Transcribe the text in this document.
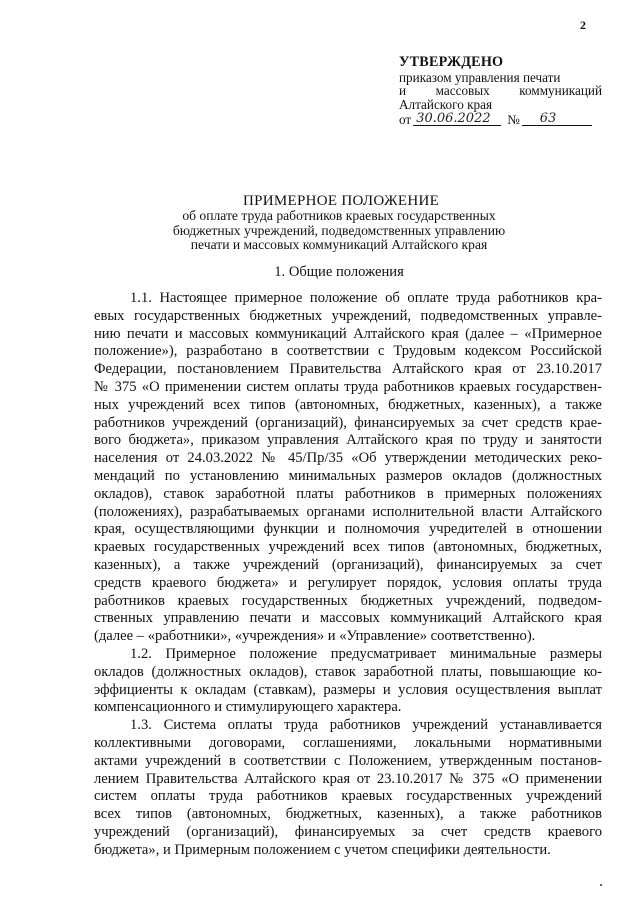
2
УТВЕРЖДЕНО
приказом управления печати
и массовых коммуникаций
Алтайского края
от 30.06.2022 № 63
ПРИМЕРНОЕ ПОЛОЖЕНИЕ
об оплате труда работников краевых государственных
бюджетных учреждений, подведомственных управлению
печати и массовых коммуникаций Алтайского края
1. Общие положения
1.1. Настоящее примерное положение об оплате труда работников кра-
евых государственных бюджетных учреждений, подведомственных управле-
нию печати и массовых коммуникаций Алтайского края (далее – «Примерное
положение»), разработано в соответствии с Трудовым кодексом Российской
Федерации, постановлением Правительства Алтайского края от 23.10.2017
№ 375 «О применении систем оплаты труда работников краевых государствен-
ных учреждений всех типов (автономных, бюджетных, казенных), а также
работников учреждений (организаций), финансируемых за счет средств крае-
вого бюджета», приказом управления Алтайского края по труду и занятости
населения от 24.03.2022 № 45/Пр/35 «Об утверждении методических реко-
мендаций по установлению минимальных размеров окладов (должностных
окладов), ставок заработной платы работников в примерных положениях
(положениях), разрабатываемых органами исполнительной власти Алтайского
края, осуществляющими функции и полномочия учредителей в отношении
краевых государственных учреждений всех типов (автономных, бюджетных,
казенных), а также учреждений (организаций), финансируемых за счет
средств краевого бюджета» и регулирует порядок, условия оплаты труда
работников краевых государственных бюджетных учреждений, подведом-
ственных управлению печати и массовых коммуникаций Алтайского края
(далее – «работники», «учреждения» и «Управление» соответственно).
1.2. Примерное положение предусматривает минимальные размеры
окладов (должностных окладов), ставок заработной платы, повышающие ко-
эффициенты к окладам (ставкам), размеры и условия осуществления выплат
компенсационного и стимулирующего характера.
1.3. Система оплаты труда работников учреждений устанавливается
коллективными договорами, соглашениями, локальными нормативными
актами учреждений в соответствии с Положением, утвержденным постанов-
лением Правительства Алтайского края от 23.10.2017 № 375 «О применении
систем оплаты труда работников краевых государственных учреждений
всех типов (автономных, бюджетных, казенных), а также работников
учреждений (организаций), финансируемых за счет средств краевого
бюджета», и Примерным положением с учетом специфики деятельности.
